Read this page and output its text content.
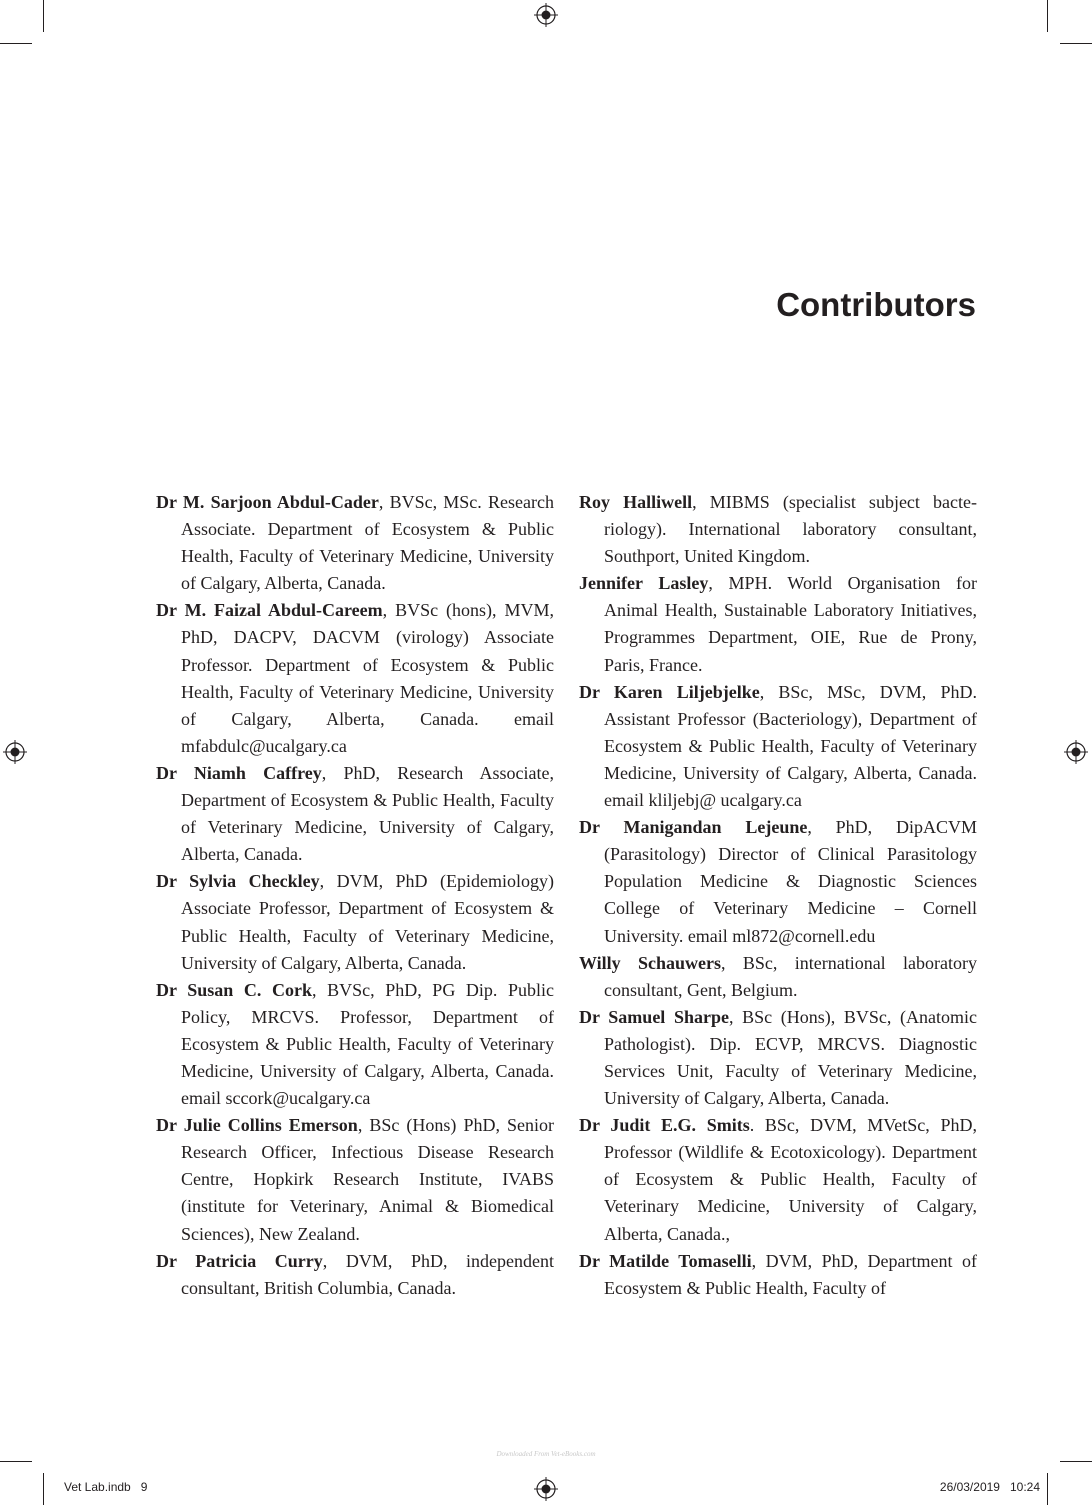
Contributors

Dr M. Sarjoon Abdul-Cader, BVSc, MSc. Research Associate. Department of Ecosystem & Public Health, Faculty of Veterinary Medicine, University of Calgary, Alberta, Canada.

Dr M. Faizal Abdul-Careem, BVSc (hons), MVM, PhD, DACPV, DACVM (virology) Associate Professor. Department of Ecosystem & Public Health, Faculty of Veterinary Medicine, University of Calgary, Alberta, Canada. email mfabdulc@ucalgary.ca

Dr Niamh Caffrey, PhD, Research Associate, Department of Ecosystem & Public Health, Faculty of Veterinary Medicine, University of Calgary, Alberta, Canada.

Dr Sylvia Checkley, DVM, PhD (Epidemiology) Associate Professor, Department of Ecosystem & Public Health, Faculty of Veterinary Medicine, University of Calgary, Alberta, Canada.

Dr Susan C. Cork, BVSc, PhD, PG Dip. Public Policy, MRCVS. Professor, Department of Ecosystem & Public Health, Faculty of Veterinary Medicine, University of Calgary, Alberta, Canada. email sccork@ucalgary.ca

Dr Julie Collins Emerson, BSc (Hons) PhD, Senior Research Officer, Infectious Disease Research Centre, Hopkirk Research Institute, IVABS (institute for Veterinary, Animal & Biomedical Sciences), New Zealand.

Dr Patricia Curry, DVM, PhD, independent consultant, British Columbia, Canada.

Roy Halliwell, MIBMS (specialist subject bacteriology). International laboratory consultant, Southport, United Kingdom.

Jennifer Lasley, MPH. World Organisation for Animal Health, Sustainable Laboratory Initiatives, Programmes Department, OIE, Rue de Prony, Paris, France.

Dr Karen Liljebjelke, BSc, MSc, DVM, PhD. Assistant Professor (Bacteriology), Department of Ecosystem & Public Health, Faculty of Veterinary Medicine, University of Calgary, Alberta, Canada. email kliljebj@ ucalgary.ca

Dr Manigandan Lejeune, PhD, DipACVM (Parasitology) Director of Clinical Parasitology Population Medicine & Diagnostic Sciences College of Veterinary Medicine – Cornell University. email ml872@cornell.edu

Willy Schauwers, BSc, international laboratory consultant, Gent, Belgium.

Dr Samuel Sharpe, BSc (Hons), BVSc, (Anatomic Pathologist). Dip. ECVP, MRCVS. Diagnostic Services Unit, Faculty of Veterinary Medicine, University of Calgary, Alberta, Canada.

Dr Judit E.G. Smits. BSc, DVM, MVetSc, PhD, Professor (Wildlife & Ecotoxicology). Department of Ecosystem & Public Health, Faculty of Veterinary Medicine, University of Calgary, Alberta, Canada.,

Dr Matilde Tomaselli, DVM, PhD, Department of Ecosystem & Public Health, Faculty of

Downloaded From Vet-eBooks.com
Vet Lab.indb   9	26/03/2019   10:24
